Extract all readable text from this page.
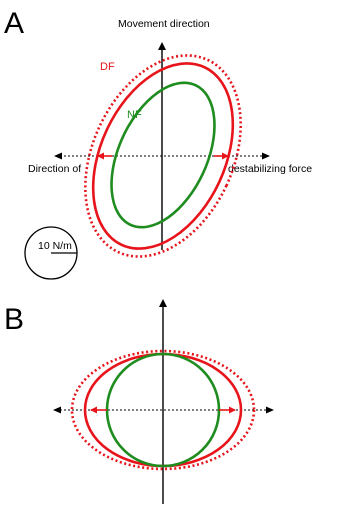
A	Movement direction
Direction of	destabilizing force
DF
NF
10 N/m
B
